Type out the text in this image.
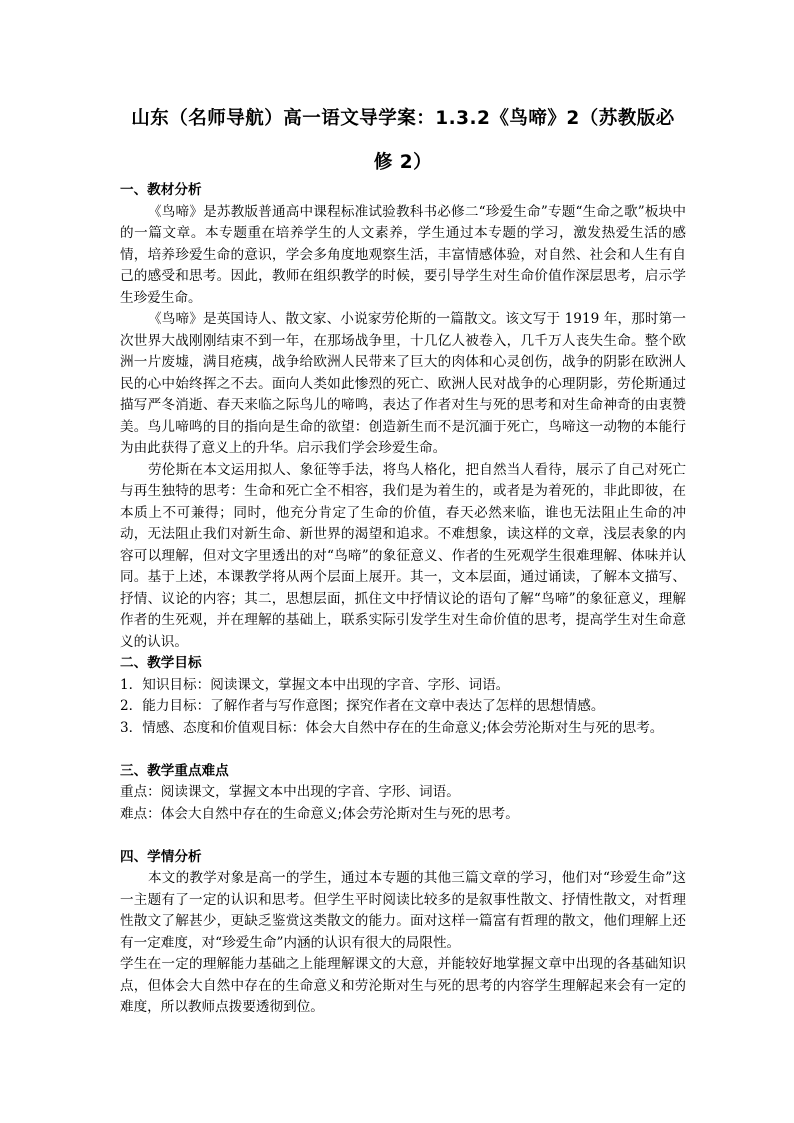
山东（名师导航）高一语文导学案：1.3.2《鸟啼》2（苏教版必
修 2）

一、教材分析

《鸟啼》是苏教版普通高中课程标准试验教科书必修二“珍爱生命”专题“生命之歌”板块中的一篇文章。本专题重在培养学生的人文素养，学生通过本专题的学习，激发热爱生活的感情，培养珍爱生命的意识，学会多角度地观察生活，丰富情感体验，对自然、社会和人生有自己的感受和思考。因此，教师在组织教学的时候，要引导学生对生命价值作深层思考，启示学生珍爱生命。

《鸟啼》是英国诗人、散文家、小说家劳伦斯的一篇散文。该文写于 1919 年，那时第一次世界大战刚刚结束不到一年，在那场战争里，十几亿人被卷入，几千万人丧失生命。整个欧洲一片废墟，满目疮痍，战争给欧洲人民带来了巨大的肉体和心灵创伤，战争的阴影在欧洲人民的心中始终挥之不去。面向人类如此惨烈的死亡、欧洲人民对战争的心理阴影，劳伦斯通过描写严冬消逝、春天来临之际鸟儿的啼鸣，表达了作者对生与死的思考和对生命神奇的由衷赞美。鸟儿啼鸣的目的指向是生命的欲望：创造新生而不是沉湎于死亡，鸟啼这一动物的本能行为由此获得了意义上的升华。启示我们学会珍爱生命。

劳伦斯在本文运用拟人、象征等手法，将鸟人格化，把自然当人看待，展示了自己对死亡与再生独特的思考：生命和死亡全不相容，我们是为着生的，或者是为着死的，非此即彼，在本质上不可兼得；同时，他充分肯定了生命的价值，春天必然来临，谁也无法阻止生命的冲动，无法阻止我们对新生命、新世界的渴望和追求。不难想象，读这样的文章，浅层表象的内容可以理解，但对文字里透出的对“鸟啼”的象征意义、作者的生死观学生很难理解、体味并认同。基于上述，本课教学将从两个层面上展开。其一，文本层面，通过诵读，了解本文描写、抒情、议论的内容；其二，思想层面，抓住文中抒情议论的语句了解“鸟啼”的象征意义，理解作者的生死观，并在理解的基础上，联系实际引发学生对生命价值的思考，提高学生对生命意义的认识。

二、教学目标

1．知识目标：阅读课文，掌握文本中出现的字音、字形、词语。

2．能力目标：了解作者与写作意图；探究作者在文章中表达了怎样的思想情感。

3．情感、态度和价值观目标：体会大自然中存在的生命意义;体会劳沦斯对生与死的思考。

三、教学重点难点

重点：阅读课文，掌握文本中出现的字音、字形、词语。

难点：体会大自然中存在的生命意义;体会劳沦斯对生与死的思考。

四、学情分析

本文的教学对象是高一的学生，通过本专题的其他三篇文章的学习，他们对“珍爱生命”这一主题有了一定的认识和思考。但学生平时阅读比较多的是叙事性散文、抒情性散文，对哲理性散文了解甚少，更缺乏鉴赏这类散文的能力。面对这样一篇富有哲理的散文，他们理解上还有一定难度，对“珍爱生命”内涵的认识有很大的局限性。

学生在一定的理解能力基础之上能理解课文的大意，并能较好地掌握文章中出现的各基础知识点，但体会大自然中存在的生命意义和劳沦斯对生与死的思考的内容学生理解起来会有一定的难度，所以教师点拨要透彻到位。
